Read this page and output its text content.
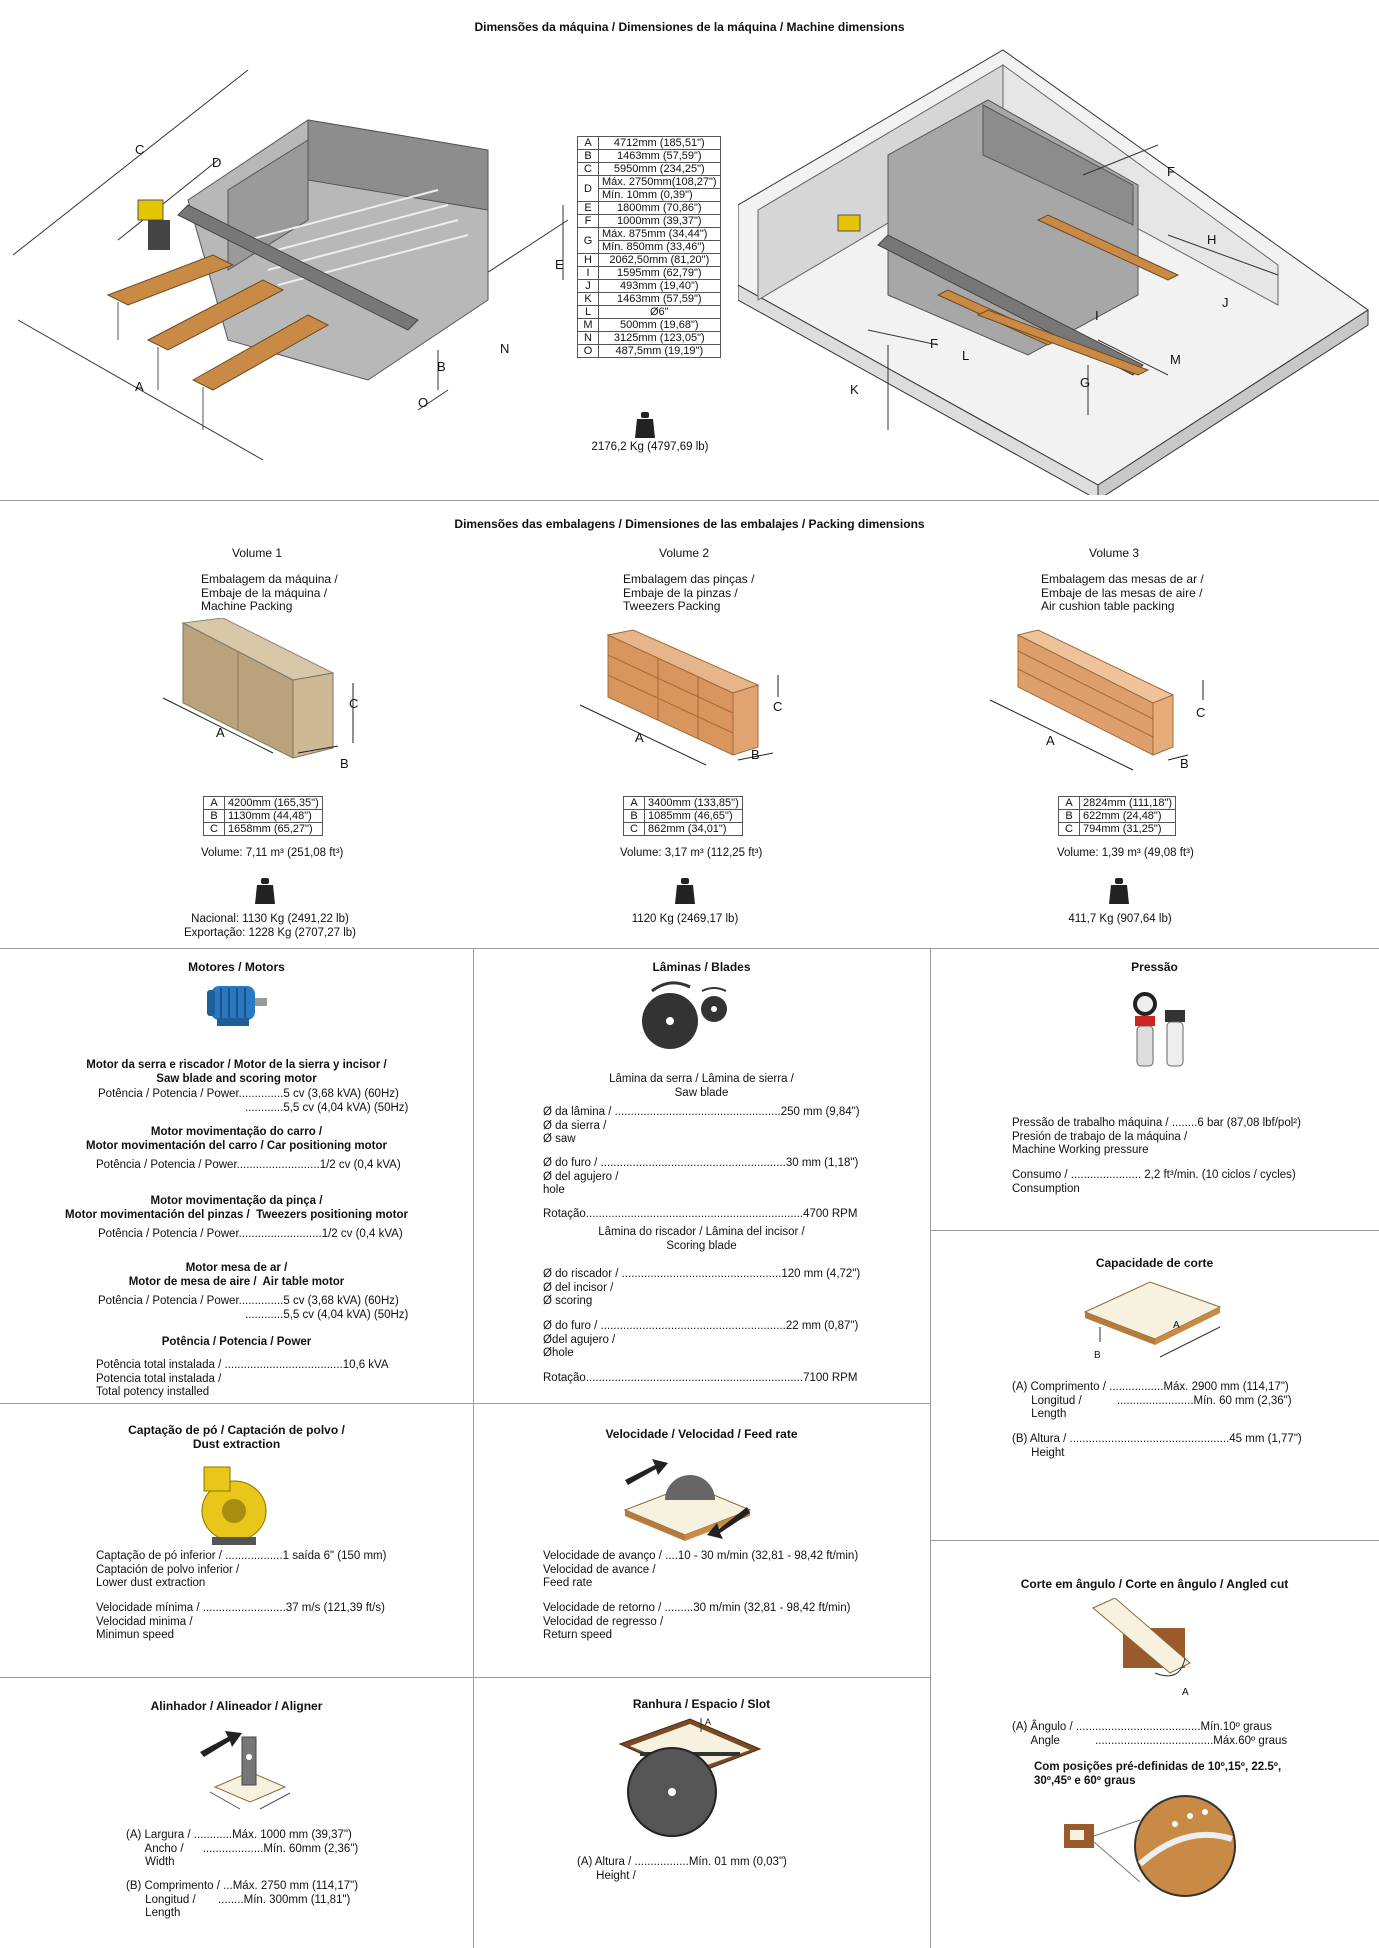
Dimensões da máquina / Dimensiones de la máquina / Machine dimensions
C
D
E
A
B
N
O
A	4712mm (185,51")
B	1463mm (57,59")
C	5950mm (234,25")
D	Máx. 2750mm(108,27")
Mín. 10mm (0,39")

E	1800mm (70,86")
F	1000mm (39,37")
G	Máx. 875mm (34,44")
Mín. 850mm (33,46")

H	2062,50mm (81,20")
I	1595mm (62,79")
J	493mm (19,40")
K	1463mm (57,59")
L	Ø6"
M	500mm (19,68")
N	3125mm (123,05")
O	487,5mm (19,19")
2176,2 Kg (4797,69 lb)
F
H
J
I
F
L	M
G
K
Dimensões das embalagens / Dimensiones de las embalajes / Packing dimensions
Volume 1
Embalagem da máquina /
Embaje de la máquina /
Machine Packing
A
B
C
A	4200mm (165,35")
B	1130mm (44,48")
C	1658mm (65,27")
Volume: 7,11 m³ (251,08 ft³)
Nacional: 1130 Kg (2491,22 lb)
Exportação: 1228 Kg (2707,27 lb)
Volume 2
Embalagem das pinças /
Embaje de la pinzas /
Tweezers Packing
A
B
C
A	3400mm (133,85")
B	1085mm (46,65")
C	862mm (34,01")
Volume: 3,17 m³ (112,25 ft³)
1120 Kg (2469,17 lb)
Volume 3
Embalagem das mesas de ar /
Embaje de las mesas de aire /
Air cushion table packing
A
B
C
A	2824mm (111,18")
B	622mm (24,48")
C	794mm (31,25")
Volume: 1,39 m³ (49,08 ft³)
411,7 Kg (907,64 lb)
Motores / Motors
Motor da serra e riscador / Motor de la sierra y incisor /
Saw blade and scoring motor
Potência / Potencia / Power..............5 cv (3,68 kVA) (60Hz)
............5,5 cv (4,04 kVA) (50Hz)
Motor movimentação do carro /
Motor movimentación del carro / Car positioning motor
Potência / Potencia / Power..........................1/2 cv (0,4 kVA)
Motor movimentação da pinça /
Motor movimentación del pinzas /  Tweezers positioning motor
Potência / Potencia / Power..........................1/2 cv (0,4 kVA)
Motor mesa de ar /
Motor de mesa de aire /  Air table motor
Potência / Potencia / Power..............5 cv (3,68 kVA) (60Hz)
............5,5 cv (4,04 kVA) (50Hz)
Potência / Potencia / Power
Potência total instalada / .....................................10,6 kVA
Potencia total instalada /
Total potency installed
Lâminas / Blades
Lâmina da serra / Lâmina de sierra /
Saw blade
Ø da lâmina / ....................................................250 mm (9,84")
Ø da sierra /
Ø saw
Ø do furo / ..........................................................30 mm (1,18")
Ø del agujero /
hole
Rotação....................................................................4700 RPM
Lâmina do riscador / Lâmina del incisor /
Scoring blade
Ø do riscador / ..................................................120 mm (4,72")
Ø del incisor /
Ø scoring
Ø do furo / ..........................................................22 mm (0,87")
Ødel agujero /
Øhole
Rotação....................................................................7100 RPM
Pressão
Pressão de trabalho máquina / ........6 bar (87,08 lbf/pol²)
Presión de trabajo de la máquina /
Machine Working pressure
Consumo / ...................... 2,2 ft³/min. (10 ciclos / cycles)
Consumption
Capacidade de corte
A
B
(A) Comprimento / .................Máx. 2900 mm (114,17")
Longitud /           ........................Mín. 60 mm (2,36")
Length
(B) Altura / ..................................................45 mm (1,77")
Height
Corte em ângulo / Corte en ângulo / Angled cut
A
(A) Ângulo / .......................................Mín.10º graus
Angle           .....................................Máx.60º graus
Com posições pré-definidas de 10º,15º, 22.5º,
30º,45º e 60º graus
Captação de pó / Captación de polvo /
Dust extraction
Captação de pó inferior / ..................1 saída 6" (150 mm)
Captación de polvo inferior /
Lower dust extraction
Velocidade mínima / ..........................37 m/s (121,39 ft/s)
Velocidad minima /
Minimun speed
Velocidade / Velocidad / Feed rate
Velocidade de avanço / ....10 - 30 m/min (32,81 - 98,42 ft/min)
Velocidad de avance /
Feed rate
Velocidade de retorno / .........30 m/min (32,81 - 98,42 ft/min)
Velocidad de regresso /
Return speed
Alinhador / Alineador / Aligner
(A) Largura / ............Máx. 1000 mm (39,37")
Ancho /      ...................Mín. 60mm (2,36")
Width
(B) Comprimento / ...Máx. 2750 mm (114,17")
Longitud /       ........Mín. 300mm (11,81")
Length
Ranhura / Espacio / Slot
A
(A) Altura / .................Mín. 01 mm (0,03")
Height /
